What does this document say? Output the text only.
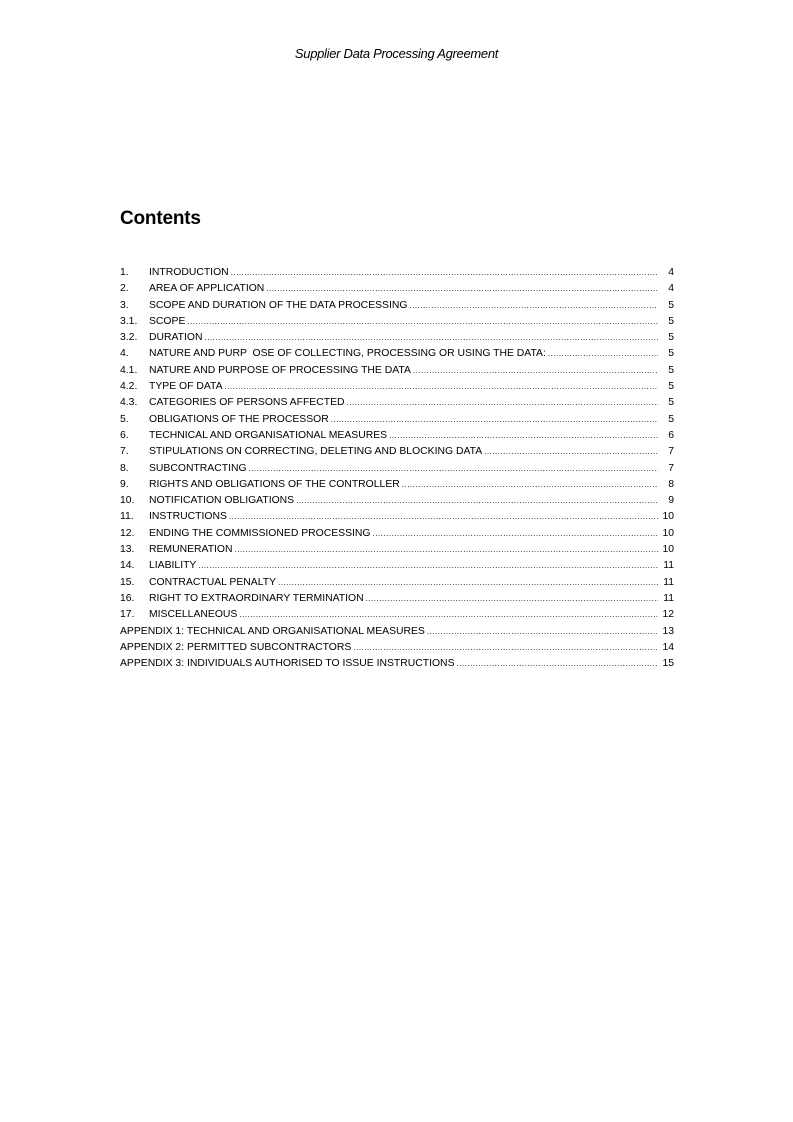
Supplier Data Processing Agreement
Contents
1.	INTRODUCTION .....	4
2.	AREA OF APPLICATION .....	4
3.	SCOPE AND DURATION OF THE DATA PROCESSING .....	5
3.1.	SCOPE .....	5
3.2.	DURATION .....	5
4.	NATURE AND PURP  OSE OF COLLECTING, PROCESSING OR USING THE DATA: .....	5
4.1.	NATURE AND PURPOSE OF PROCESSING THE DATA .....	5
4.2.	TYPE OF DATA .....	5
4.3.	CATEGORIES OF PERSONS AFFECTED .....	5
5.	OBLIGATIONS OF THE PROCESSOR .....	5
6.	TECHNICAL AND ORGANISATIONAL MEASURES .....	6
7.	STIPULATIONS ON CORRECTING, DELETING AND BLOCKING DATA .....	7
8.	SUBCONTRACTING .....	7
9.	RIGHTS AND OBLIGATIONS OF THE CONTROLLER .....	8
10.	NOTIFICATION OBLIGATIONS .....	9
11.	INSTRUCTIONS .....	10
12.	ENDING THE COMMISSIONED PROCESSING .....	10
13.	REMUNERATION .....	10
14.	LIABILITY .....	11
15.	CONTRACTUAL PENALTY .....	11
16.	RIGHT TO EXTRAORDINARY TERMINATION .....	11
17.	MISCELLANEOUS .....	12
APPENDIX 1: TECHNICAL AND ORGANISATIONAL MEASURES .....	13
APPENDIX 2: PERMITTED SUBCONTRACTORS .....	14
APPENDIX 3: INDIVIDUALS AUTHORISED TO ISSUE INSTRUCTIONS .....	15
